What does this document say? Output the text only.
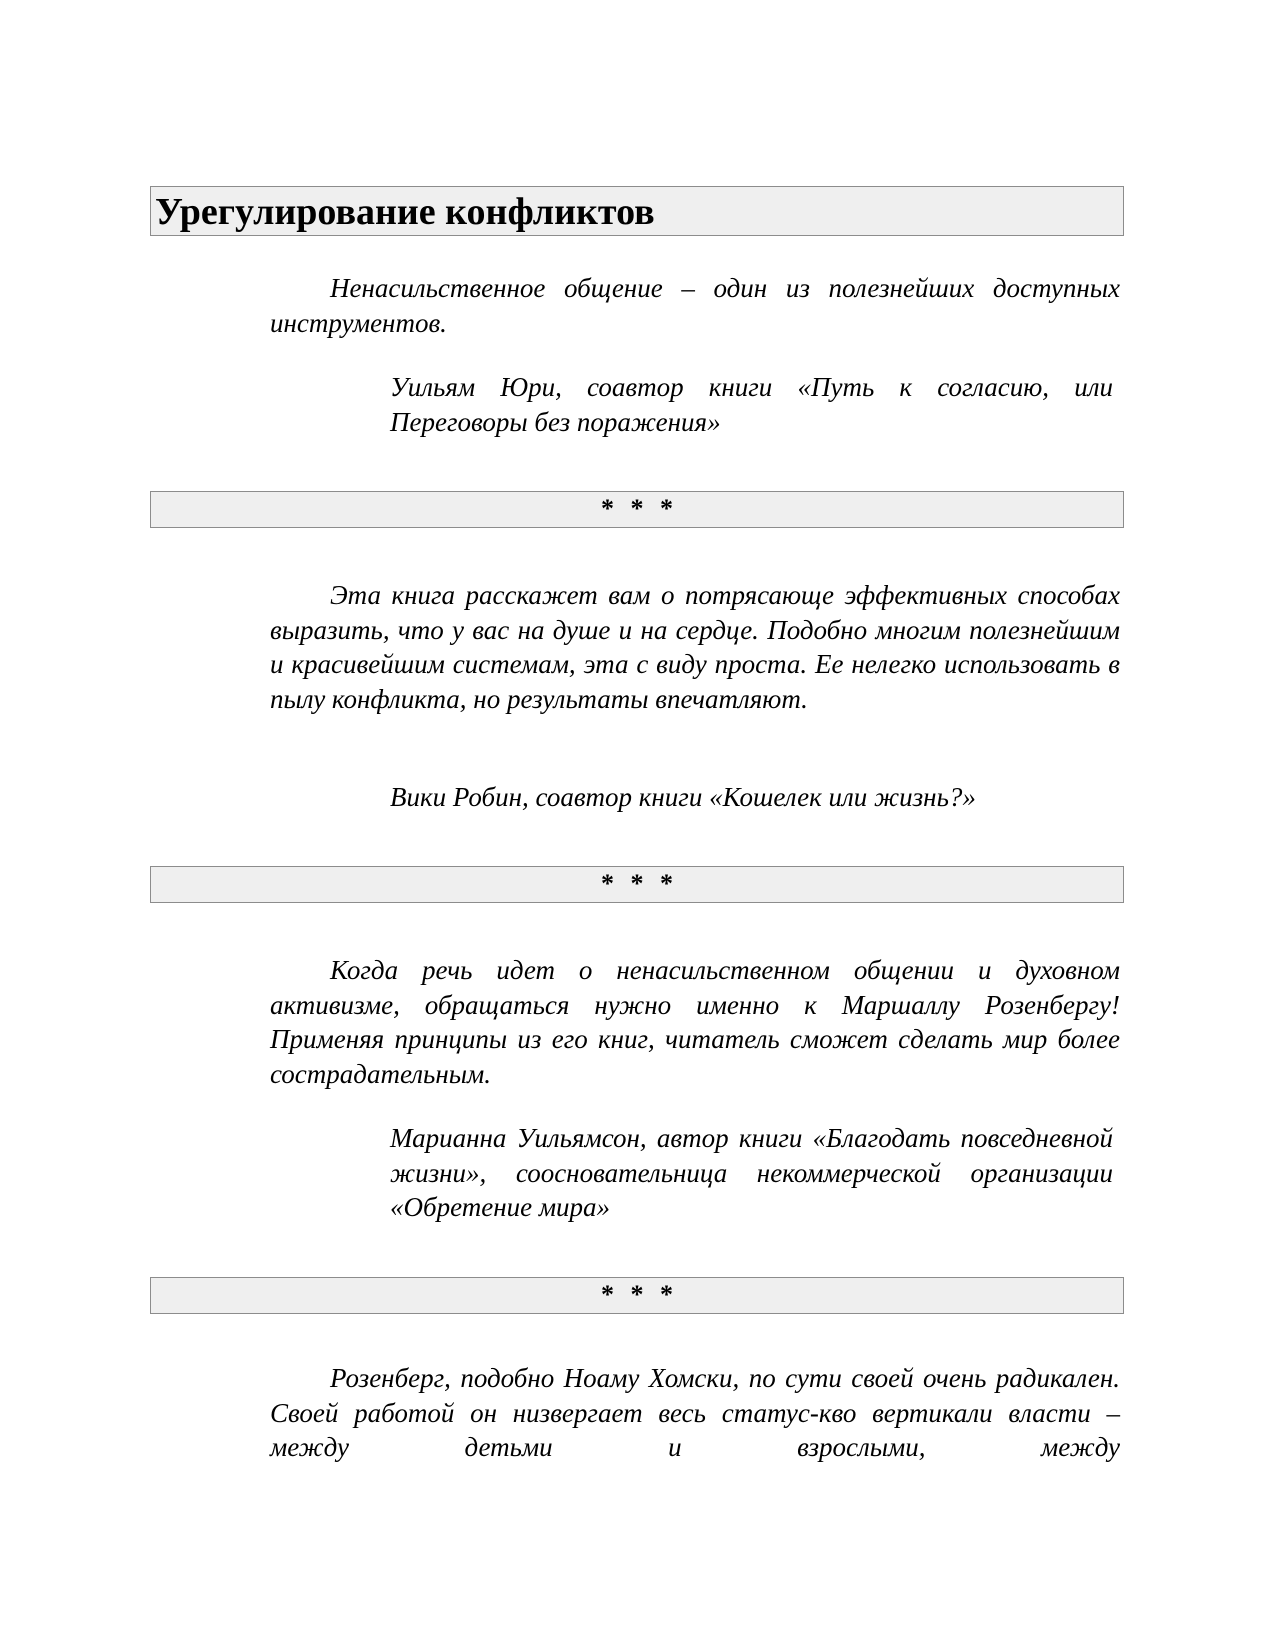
Урегулирование конфликтов

Ненасильственное общение – один из полезнейших доступных инструментов.

Уильям Юри, соавтор книги «Путь к согласию, или Переговоры без поражения»

* * *

Эта книга расскажет вам о потрясающе эффективных способах выразить, что у вас на душе и на сердце. Подобно многим полезнейшим и красивейшим системам, эта с виду проста. Ее нелегко использовать в пылу конфликта, но результаты впечатляют.

Вики Робин, соавтор книги «Кошелек или жизнь?»

* * *

Когда речь идет о ненасильственном общении и духовном активизме, обращаться нужно именно к Маршаллу Розенбергу! Применяя принципы из его книг, читатель сможет сделать мир более сострадательным.

Марианна Уильямсон, автор книги «Благодать повседневной жизни», соосновательница некоммерческой организации «Обретение мира»

* * *

Розенберг, подобно Ноаму Хомски, по сути своей очень радикален. Своей работой он низвергает весь статус-кво вертикали власти – между детьми и взрослыми, между
